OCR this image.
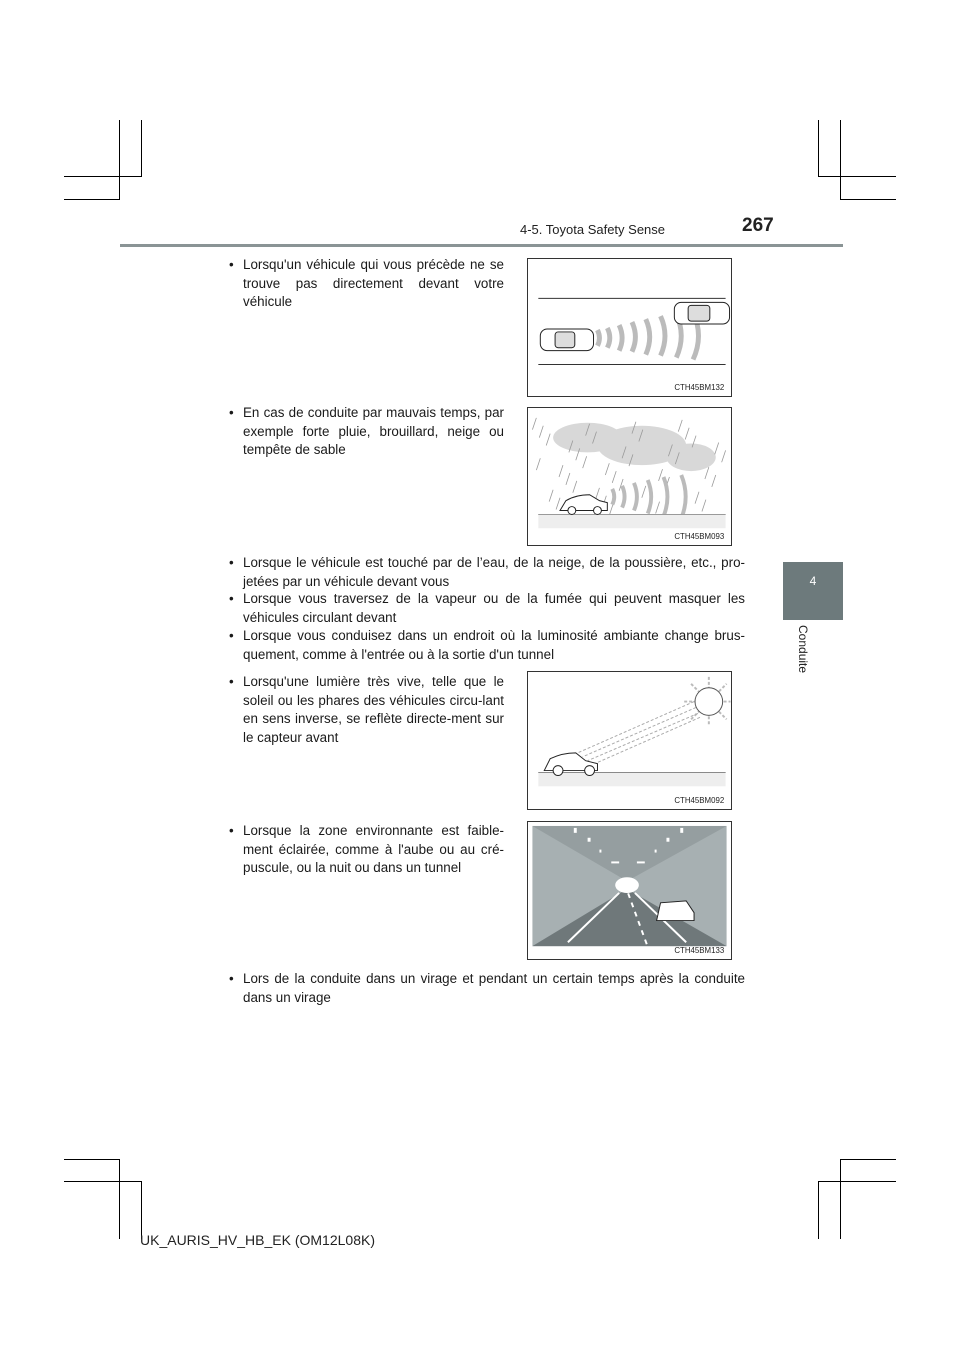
4-5. Toyota Safety Sense	267
4
Conduite
• Lorsqu'un véhicule qui vous précède ne se trouve pas directement devant votre véhicule
• En cas de conduite par mauvais temps, par exemple forte pluie, brouillard, neige ou tempête de sable
• Lorsque le véhicule est touché par de l’eau, de la neige, de la poussière, etc., pro-jetées par un véhicule devant vous
• Lorsque vous traversez de la vapeur ou de la fumée qui peuvent masquer les véhicules circulant devant
• Lorsque vous conduisez dans un endroit où la luminosité ambiante change brus-quement, comme à l'entrée ou à la sortie d'un tunnel
• Lorsqu'une lumière très vive, telle que le soleil ou les phares des véhicules circu-lant en sens inverse, se reflète directe-ment sur le capteur avant
• Lorsque la zone environnante est faible-ment éclairée, comme à l'aube ou au cré-puscule, ou la nuit ou dans un tunnel
• Lors de la conduite dans un virage et pendant un certain temps après la conduite dans un virage
CTH45BM132
CTH45BM093
CTH45BM092
CTH45BM133
UK_AURIS_HV_HB_EK (OM12L08K)
